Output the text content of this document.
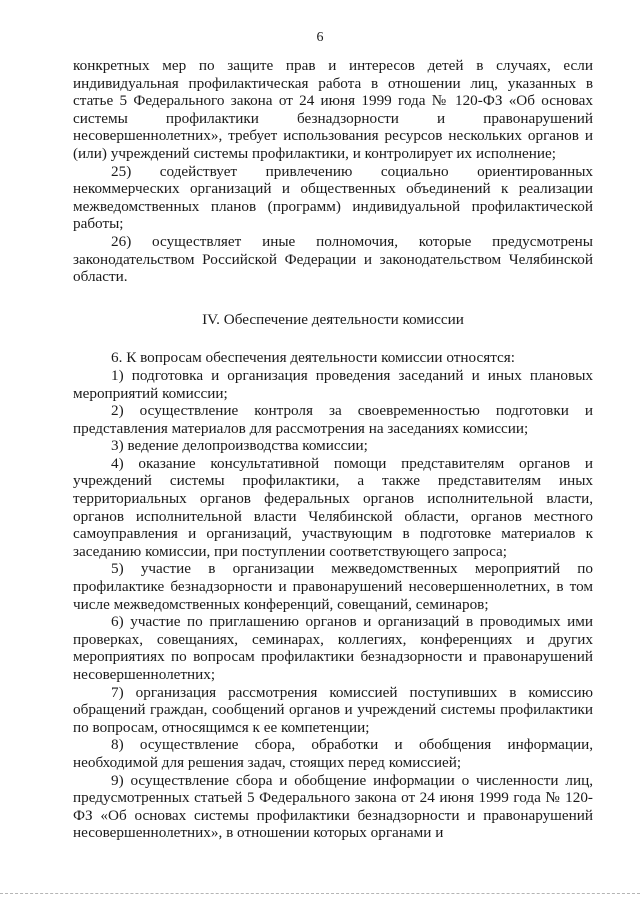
6

конкретных мер по защите прав и интересов детей в случаях, если индивидуальная профилактическая работа в отношении лиц, указанных в статье 5 Федерального закона от 24 июня 1999 года № 120-ФЗ «Об основах системы профилактики безнадзорности и правонарушений несовершеннолетних», требует использования ресурсов нескольких органов и (или) учреждений системы профилактики, и контролирует их исполнение;

25) содействует привлечению социально ориентированных некоммерческих организаций и общественных объединений к реализации межведомственных планов (программ) индивидуальной профилактической работы;

26) осуществляет иные полномочия, которые предусмотрены законодательством Российской Федерации и законодательством Челябинской области.

IV. Обеспечение деятельности комиссии

6. К вопросам обеспечения деятельности комиссии относятся:

1) подготовка и организация проведения заседаний и иных плановых мероприятий комиссии;

2) осуществление контроля за своевременностью подготовки и представления материалов для рассмотрения на заседаниях комиссии;

3) ведение делопроизводства комиссии;

4) оказание консультативной помощи представителям органов и учреждений системы профилактики, а также представителям иных территориальных органов федеральных органов исполнительной власти, органов исполнительной власти Челябинской области, органов местного самоуправления и организаций, участвующим в подготовке материалов к заседанию комиссии, при поступлении соответствующего запроса;

5) участие в организации межведомственных мероприятий по профилактике безнадзорности и правонарушений несовершеннолетних, в том числе межведомственных конференций, совещаний, семинаров;

6) участие по приглашению органов и организаций в проводимых ими проверках, совещаниях, семинарах, коллегиях, конференциях и других мероприятиях по вопросам профилактики безнадзорности и правонарушений несовершеннолетних;

7) организация рассмотрения комиссией поступивших в комиссию обращений граждан, сообщений органов и учреждений системы профилактики по вопросам, относящимся к ее компетенции;

8) осуществление сбора, обработки и обобщения информации, необходимой для решения задач, стоящих перед комиссией;

9) осуществление сбора и обобщение информации о численности лиц, предусмотренных статьей 5 Федерального закона от 24 июня 1999 года № 120-ФЗ «Об основах системы профилактики безнадзорности и правонарушений несовершеннолетних», в отношении которых органами и
